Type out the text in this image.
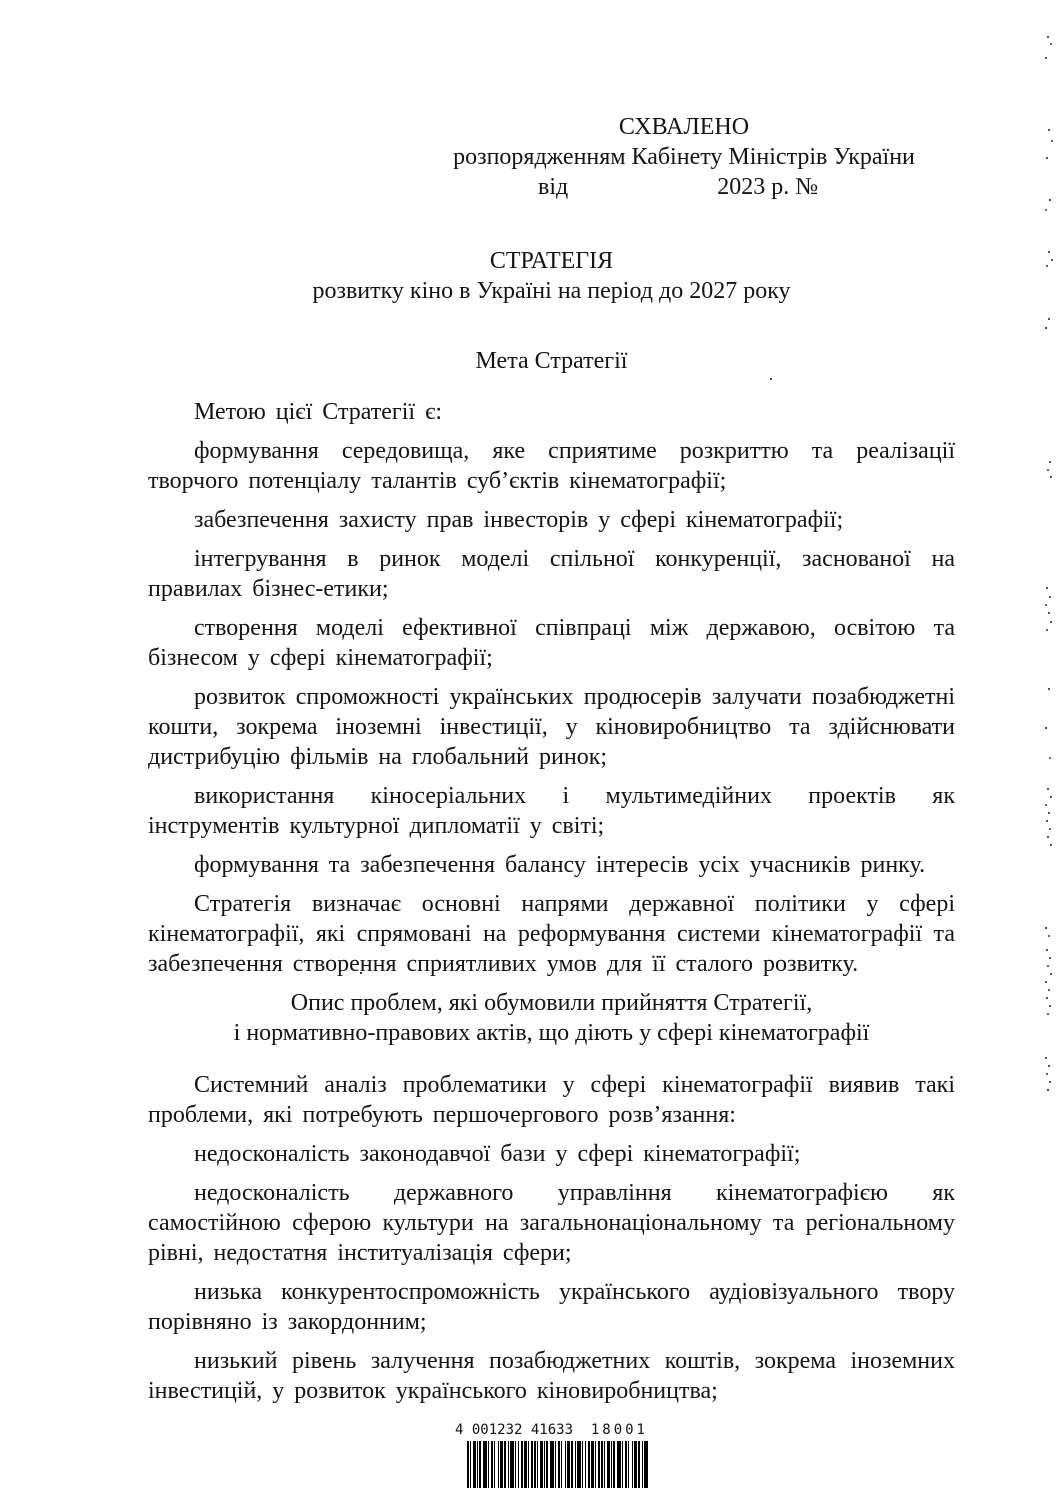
СХВАЛЕНО
розпорядженням Кабінету Міністрів України
від	2023 р. №
СТРАТЕГІЯ
розвитку кіно в Україні на період до 2027 року
Мета Стратегії

Метою цієї Стратегії є:

формування середовища, яке сприятиме розкриттю та реалізації творчого потенціалу талантів суб’єктів кінематографії;

забезпечення захисту прав інвесторів у сфері кінематографії;

інтегрування в ринок моделі спільної конкуренції, заснованої на правилах бізнес-етики;

створення моделі ефективної співпраці між державою, освітою та бізнесом у сфері кінематографії;

розвиток спроможності українських продюсерів залучати позабюджетні кошти, зокрема іноземні інвестиції, у кіновиробництво та здійснювати дистрибуцію фільмів на глобальний ринок;

використання кіносеріальних і мультимедійних проектів як інструментів культурної дипломатії у світі;

формування та забезпечення балансу інтересів усіх учасників ринку.

Стратегія визначає основні напрями державної політики у сфері кінематографії, які спрямовані на реформування системи кінематографії та забезпечення створення сприятливих умов для її сталого розвитку.

Опис проблем, які обумовили прийняття Стратегії,
і нормативно-правових актів, що діють у сфері кінематографії

Системний аналіз проблематики у сфері кінематографії виявив такі проблеми, які потребують першочергового розв’язання:

недосконалість законодавчої бази у сфері кінематографії;

недосконалість державного управління кінематографією як самостійною сферою культури на загальнонаціональному та регіональному рівні, недостатня інституалізація сфери;

низька конкурентоспроможність українського аудіовізуального твору порівняно із закордонним;

низький рівень залучення позабюджетних коштів, зокрема іноземних інвестицій, у розвиток українського кіновиробництва;

4 001232 41633 18001
